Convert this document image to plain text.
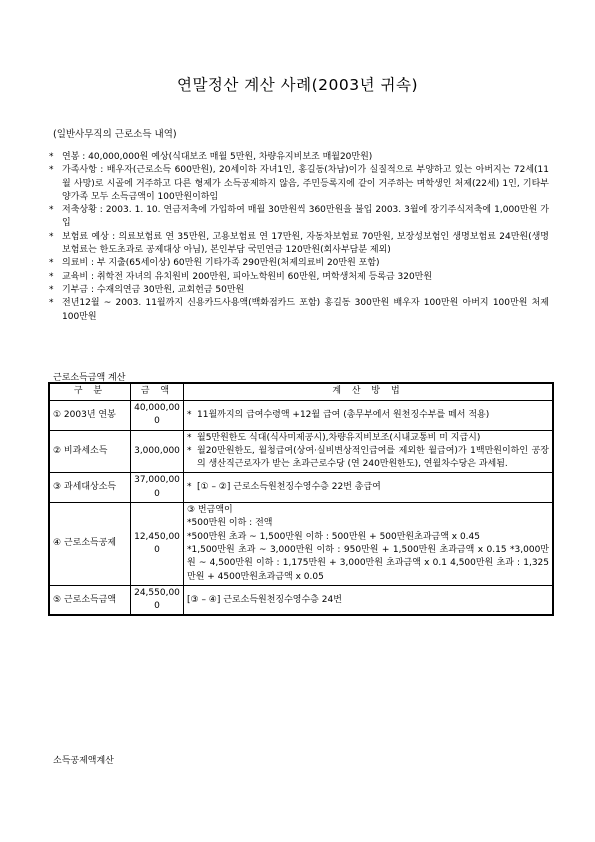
연말정산 계산 사례(2003년 귀속)
(일반사무직의 근로소득 내역)
* 연봉 : 40,000,000원 예상(식대보조 매월 5만원, 차량유지비보조 매월20만원)
* 가족사항 : 배우자(근로소득 600만원), 20세이하 자녀1인, 홍길동(차남)이가 실질적으로 부양하고 있는 아버지는 72세(11월 사망)로 시골에 거주하고 다른 형제가 소득공제하지 않음, 주민등록지에 같이 거주하는 며학생인 처제(22세) 1인, 기타부양가족 모두 소득금액이 100만원이하임
* 저축상황 : 2003. 1. 10. 연금저축에 가입하여 매월 30만원씩 360만원을 불입 2003. 3월에 장기주식저축에 1,000만원 가입
* 보험료 예상 : 의료보험료 연 35만원, 고용보험료 연 17만원, 자동차보험료 70만원, 보장성보험인 생명보험료 24만원(생명보험료는 한도초과로 공제대상 아님), 본인부담 국민연금 120만원(회사부담분 제외)
* 의료비 : 부 지출(65세이상) 60만원 기타가족 290만원(처제의료비 20만원 포함)
* 교육비 : 취학전 자녀의 유치원비 200만원, 피아노학원비 60만원, 며학생처제 등록금 320만원
* 기부금 : 수재의연금 30만원, 교회헌금 50만원
* 전년12월 ~ 2003. 11월까지 신용카드사용액(백화점카드 포함) 홍길동 300만원 배우자 100만원 아버지 100만원 처제 100만원
근로소득금액 계산
구 분	금 액	계 산 방 법
① 2003년 연봉	40,000,000	* 11월까지의 급여수령액 +12월 급여 (총무부에서 원천징수부를 떼서 적용)

② 비과세소득	3,000,000	* 월5만원한도 식대(식사미제공시),차량유지비보조(시내교통비 미 지급시)
* 월20만원한도, 월청급여(상여·실비변상적인급여를 제외한 월급여)가 1백만원이하인 공장의 생산직근로자가 받는 초과근로수당 (연 240만원한도), 연월차수당은 과세됨.

③ 과세대상소득	37,000,000	* [① – ②] 근로소득원천징수영수층 22번 총급여

④ 근로소득공제	12,450,000	③ 번금액이
*500만원 이하 : 전액
*500만원 초과 ~ 1,500만원 이하 : 500만원 + 500만원초과금액 x 0.45
*1,500만원 초과 ~ 3,000만원 이하 : 950만원 + 1,500만원 초과금액 x 0.15 *3,000만원 ~ 4,500만원 이하 : 1,175만원 + 3,000만원 초과금액 x 0.1 4,500만원 초과 : 1,325만원 + 4500만원초과금액 x 0.05

⑤ 근로소득금액	24,550,000	[③ – ④] 근로소득원천징수영수층 24번
소득공제액계산
